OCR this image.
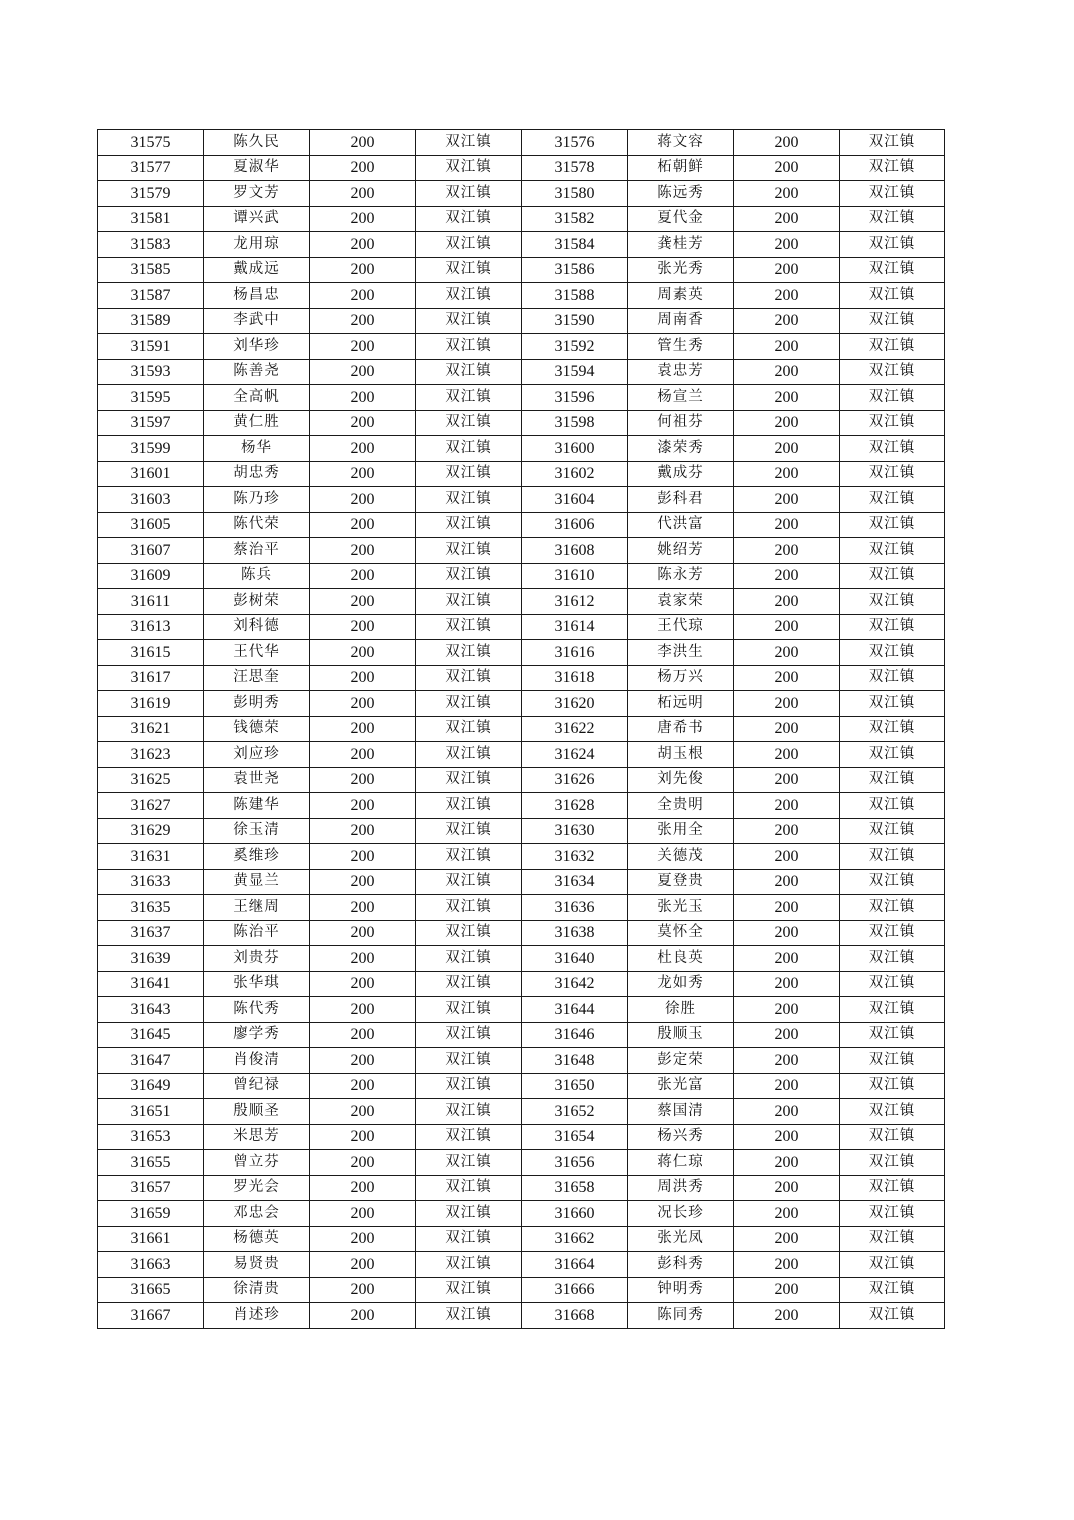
31575	陈久民	200	双江镇	31576	蒋文容	200	双江镇
31577	夏淑华	200	双江镇	31578	柘朝鲜	200	双江镇
31579	罗文芳	200	双江镇	31580	陈远秀	200	双江镇
31581	谭兴武	200	双江镇	31582	夏代金	200	双江镇
31583	龙用琼	200	双江镇	31584	龚桂芳	200	双江镇
31585	戴成远	200	双江镇	31586	张光秀	200	双江镇
31587	杨昌忠	200	双江镇	31588	周素英	200	双江镇
31589	李武中	200	双江镇	31590	周南香	200	双江镇
31591	刘华珍	200	双江镇	31592	管生秀	200	双江镇
31593	陈善尧	200	双江镇	31594	袁忠芳	200	双江镇
31595	全高帆	200	双江镇	31596	杨宣兰	200	双江镇
31597	黄仁胜	200	双江镇	31598	何祖芬	200	双江镇
31599	杨华	200	双江镇	31600	漆荣秀	200	双江镇
31601	胡忠秀	200	双江镇	31602	戴成芬	200	双江镇
31603	陈乃珍	200	双江镇	31604	彭科君	200	双江镇
31605	陈代荣	200	双江镇	31606	代洪富	200	双江镇
31607	蔡治平	200	双江镇	31608	姚绍芳	200	双江镇
31609	陈兵	200	双江镇	31610	陈永芳	200	双江镇
31611	彭树荣	200	双江镇	31612	袁家荣	200	双江镇
31613	刘科德	200	双江镇	31614	王代琼	200	双江镇
31615	王代华	200	双江镇	31616	李洪生	200	双江镇
31617	汪思奎	200	双江镇	31618	杨万兴	200	双江镇
31619	彭明秀	200	双江镇	31620	柘远明	200	双江镇
31621	钱德荣	200	双江镇	31622	唐希书	200	双江镇
31623	刘应珍	200	双江镇	31624	胡玉根	200	双江镇
31625	袁世尧	200	双江镇	31626	刘先俊	200	双江镇
31627	陈建华	200	双江镇	31628	全贵明	200	双江镇
31629	徐玉清	200	双江镇	31630	张用全	200	双江镇
31631	奚维珍	200	双江镇	31632	关德茂	200	双江镇
31633	黄显兰	200	双江镇	31634	夏登贵	200	双江镇
31635	王继周	200	双江镇	31636	张光玉	200	双江镇
31637	陈治平	200	双江镇	31638	莫怀全	200	双江镇
31639	刘贵芬	200	双江镇	31640	杜良英	200	双江镇
31641	张华琪	200	双江镇	31642	龙如秀	200	双江镇
31643	陈代秀	200	双江镇	31644	徐胜	200	双江镇
31645	廖学秀	200	双江镇	31646	殷顺玉	200	双江镇
31647	肖俊清	200	双江镇	31648	彭定荣	200	双江镇
31649	曾纪禄	200	双江镇	31650	张光富	200	双江镇
31651	殷顺圣	200	双江镇	31652	蔡国清	200	双江镇
31653	米思芳	200	双江镇	31654	杨兴秀	200	双江镇
31655	曾立芬	200	双江镇	31656	蒋仁琼	200	双江镇
31657	罗光会	200	双江镇	31658	周洪秀	200	双江镇
31659	邓忠会	200	双江镇	31660	况长珍	200	双江镇
31661	杨德英	200	双江镇	31662	张光凤	200	双江镇
31663	易贤贵	200	双江镇	31664	彭科秀	200	双江镇
31665	徐清贵	200	双江镇	31666	钟明秀	200	双江镇
31667	肖述珍	200	双江镇	31668	陈同秀	200	双江镇
